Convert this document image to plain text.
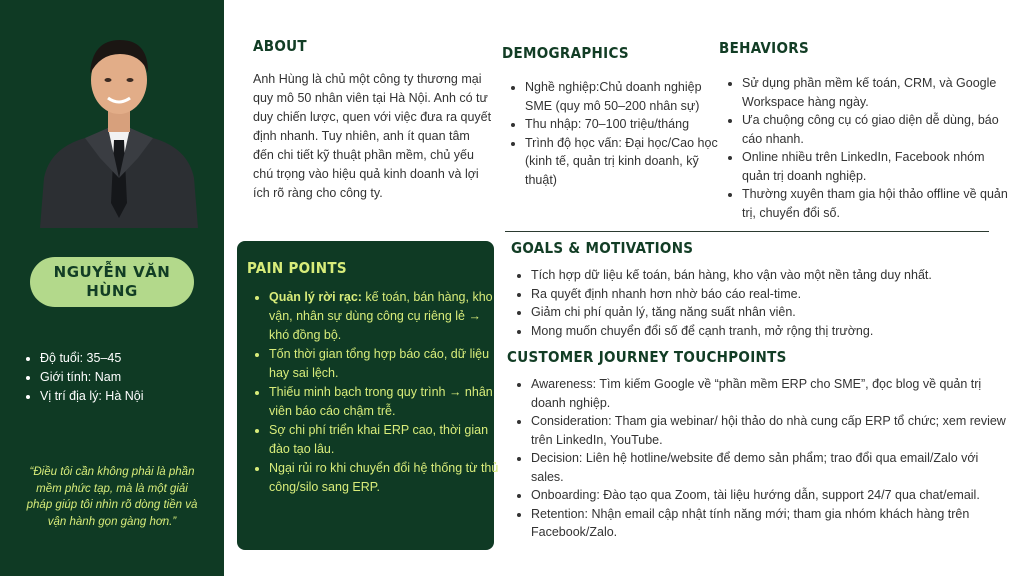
NGUYỄN VĂN HÙNG
• Độ tuổi: 35–45
• Giới tính: Nam
• Vị trí địa lý: Hà Nội
“Điều tôi cần không phải là phần mềm phức tạp, mà là một giải pháp giúp tôi nhìn rõ dòng tiền và vận hành gọn gàng hơn.”
ABOUT
Anh Hùng là chủ một công ty thương mại quy mô 50 nhân viên tại Hà Nội. Anh có tư duy chiến lược, quen với việc đưa ra quyết định nhanh. Tuy nhiên, anh ít quan tâm đến chi tiết kỹ thuật phần mềm, chủ yếu chú trọng vào hiệu quả kinh doanh và lợi ích rõ ràng cho công ty.
DEMOGRAPHICS
• Nghề nghiệp:Chủ doanh nghiệp SME (quy mô 50–200 nhân sự)
• Thu nhập: 70–100 triệu/tháng
• Trình độ học vấn: Đại học/Cao học (kinh tế, quản trị kinh doanh, kỹ thuật)
BEHAVIORS
• Sử dụng phần mềm kế toán, CRM, và Google Workspace hàng ngày.
• Ưa chuộng công cụ có giao diện dễ dùng, báo cáo nhanh.
• Online nhiều trên LinkedIn, Facebook nhóm quản trị doanh nghiệp.
• Thường xuyên tham gia hội thảo offline về quản trị, chuyển đổi số.
PAIN POINTS
• Quản lý rời rạc: kế toán, bán hàng, kho vận, nhân sự dùng công cụ riêng lẻ → khó đồng bộ.
• Tốn thời gian tổng hợp báo cáo, dữ liệu hay sai lệch.
• Thiếu minh bạch trong quy trình → nhân viên báo cáo chậm trễ.
• Sợ chi phí triển khai ERP cao, thời gian đào tạo lâu.
• Ngại rủi ro khi chuyển đổi hệ thống từ thủ công/silo sang ERP.
GOALS & MOTIVATIONS
• Tích hợp dữ liệu kế toán, bán hàng, kho vận vào một nền tảng duy nhất.
• Ra quyết định nhanh hơn nhờ báo cáo real-time.
• Giảm chi phí quản lý, tăng năng suất nhân viên.
• Mong muốn chuyển đổi số để cạnh tranh, mở rộng thị trường.
CUSTOMER JOURNEY TOUCHPOINTS
• Awareness: Tìm kiếm Google về “phần mềm ERP cho SME”, đọc blog về quản trị doanh nghiệp.
• Consideration: Tham gia webinar/ hội thảo do nhà cung cấp ERP tổ chức; xem review trên LinkedIn, YouTube.
• Decision: Liên hệ hotline/website để demo sản phẩm; trao đổi qua email/Zalo với sales.
• Onboarding: Đào tạo qua Zoom, tài liệu hướng dẫn, support 24/7 qua chat/email.
• Retention: Nhận email cập nhật tính năng mới; tham gia nhóm khách hàng trên Facebook/Zalo.
